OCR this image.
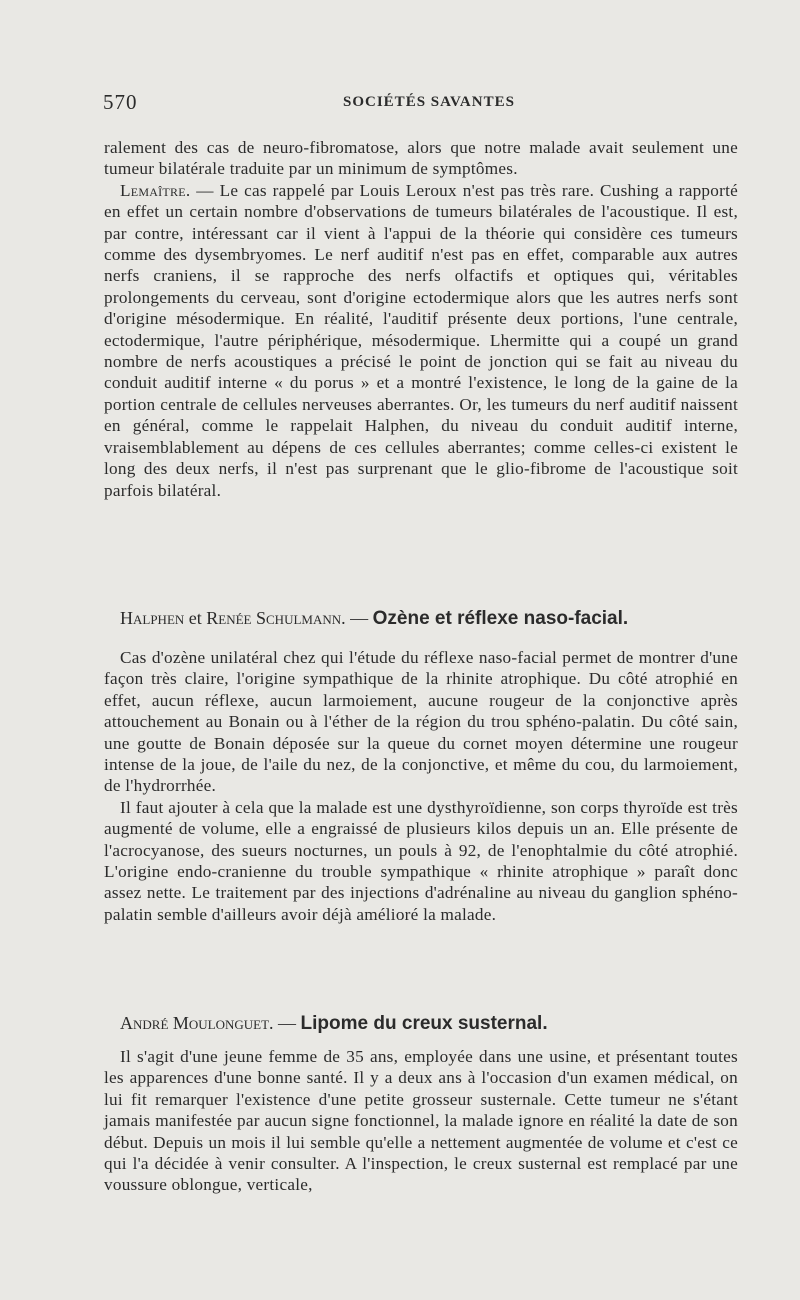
570	SOCIÉTÉS SAVANTES

ralement des cas de neuro-fibromatose, alors que notre malade avait seulement une tumeur bilatérale traduite par un minimum de symptômes.

Lemaître. — Le cas rappelé par Louis Leroux n'est pas très rare. Cushing a rapporté en effet un certain nombre d'observations de tumeurs bilatérales de l'acoustique. Il est, par contre, intéressant car il vient à l'appui de la théorie qui considère ces tumeurs comme des dysembryomes. Le nerf auditif n'est pas en effet, comparable aux autres nerfs craniens, il se rapproche des nerfs olfactifs et optiques qui, véritables prolongements du cerveau, sont d'origine ectodermique alors que les autres nerfs sont d'origine mésodermique. En réalité, l'auditif présente deux portions, l'une centrale, ectodermique, l'autre périphérique, mésodermique. Lhermitte qui a coupé un grand nombre de nerfs acoustiques a précisé le point de jonction qui se fait au niveau du conduit auditif interne « du porus » et a montré l'existence, le long de la gaine de la portion centrale de cellules nerveuses aberrantes. Or, les tumeurs du nerf auditif naissent en général, comme le rappelait Halphen, du niveau du conduit auditif interne, vraisemblablement au dépens de ces cellules aberrantes; comme celles-ci existent le long des deux nerfs, il n'est pas surprenant que le glio-fibrome de l'acoustique soit parfois bilatéral.

Halphen et Renée Schulmann. — Ozène et réflexe naso-facial.

Cas d'ozène unilatéral chez qui l'étude du réflexe naso-facial permet de montrer d'une façon très claire, l'origine sympathique de la rhinite atrophique. Du côté atrophié en effet, aucun réflexe, aucun larmoiement, aucune rougeur de la conjonctive après attouchement au Bonain ou à l'éther de la région du trou sphéno-palatin. Du côté sain, une goutte de Bonain déposée sur la queue du cornet moyen détermine une rougeur intense de la joue, de l'aile du nez, de la conjonctive, et même du cou, du larmoiement, de l'hydrorrhée.

Il faut ajouter à cela que la malade est une dysthyroïdienne, son corps thyroïde est très augmenté de volume, elle a engraissé de plusieurs kilos depuis un an. Elle présente de l'acrocyanose, des sueurs nocturnes, un pouls à 92, de l'enophtalmie du côté atrophié. L'origine endo-cranienne du trouble sympathique « rhinite atrophique » paraît donc assez nette. Le traitement par des injections d'adrénaline au niveau du ganglion sphéno-palatin semble d'ailleurs avoir déjà amélioré la malade.

André Moulonguet. — Lipome du creux susternal.

Il s'agit d'une jeune femme de 35 ans, employée dans une usine, et présentant toutes les apparences d'une bonne santé. Il y a deux ans à l'occasion d'un examen médical, on lui fit remarquer l'existence d'une petite grosseur susternale. Cette tumeur ne s'étant jamais manifestée par aucun signe fonctionnel, la malade ignore en réalité la date de son début. Depuis un mois il lui semble qu'elle a nettement augmentée de volume et c'est ce qui l'a décidée à venir consulter. A l'inspection, le creux susternal est remplacé par une voussure oblongue, verticale,
